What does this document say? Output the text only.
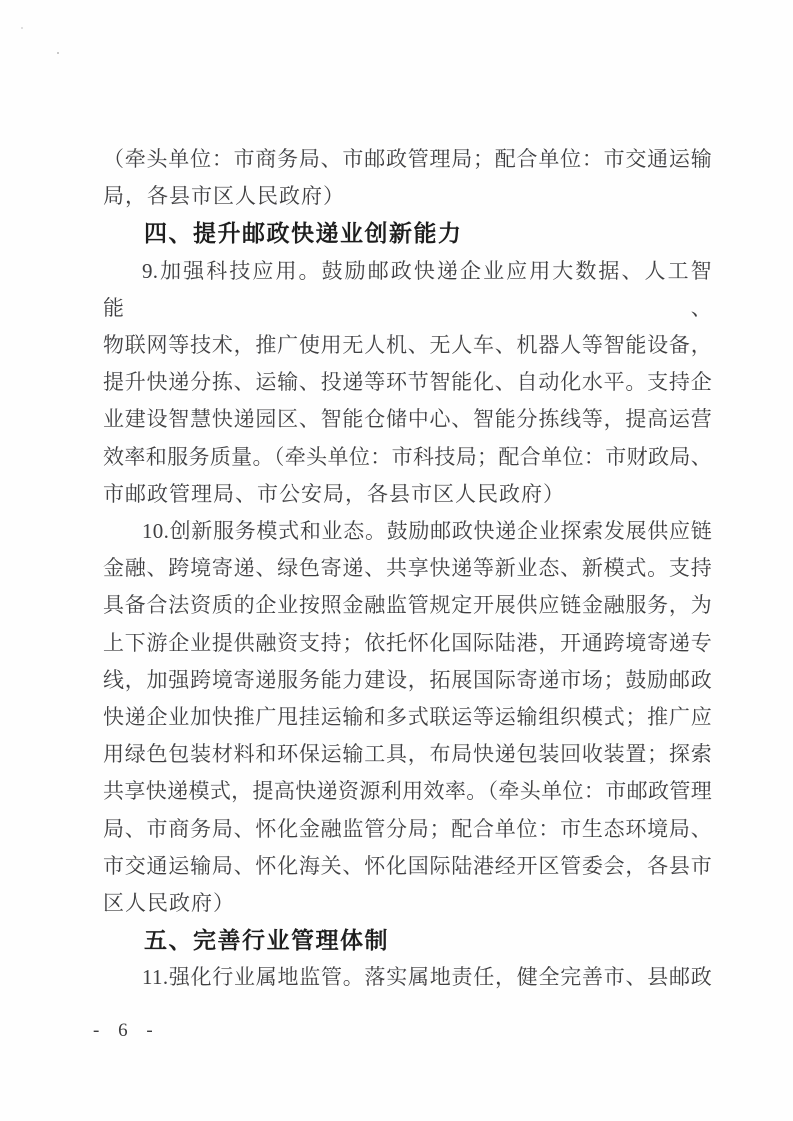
（牵头单位：市商务局、市邮政管理局；配合单位：市交通运输
局，各县市区人民政府）
四、提升邮政快递业创新能力
9.加强科技应用。鼓励邮政快递企业应用大数据、人工智能、
物联网等技术，推广使用无人机、无人车、机器人等智能设备，
提升快递分拣、运输、投递等环节智能化、自动化水平。支持企
业建设智慧快递园区、智能仓储中心、智能分拣线等，提高运营
效率和服务质量。（牵头单位：市科技局；配合单位：市财政局、
市邮政管理局、市公安局，各县市区人民政府）
10.创新服务模式和业态。鼓励邮政快递企业探索发展供应链
金融、跨境寄递、绿色寄递、共享快递等新业态、新模式。支持
具备合法资质的企业按照金融监管规定开展供应链金融服务，为
上下游企业提供融资支持；依托怀化国际陆港，开通跨境寄递专
线，加强跨境寄递服务能力建设，拓展国际寄递市场；鼓励邮政
快递企业加快推广甩挂运输和多式联运等运输组织模式；推广应
用绿色包装材料和环保运输工具，布局快递包装回收装置；探索
共享快递模式，提高快递资源利用效率。（牵头单位：市邮政管理
局、市商务局、怀化金融监管分局；配合单位：市生态环境局、
市交通运输局、怀化海关、怀化国际陆港经开区管委会，各县市
区人民政府）
五、完善行业管理体制
11.强化行业属地监管。落实属地责任，健全完善市、县邮政
- 6 -
